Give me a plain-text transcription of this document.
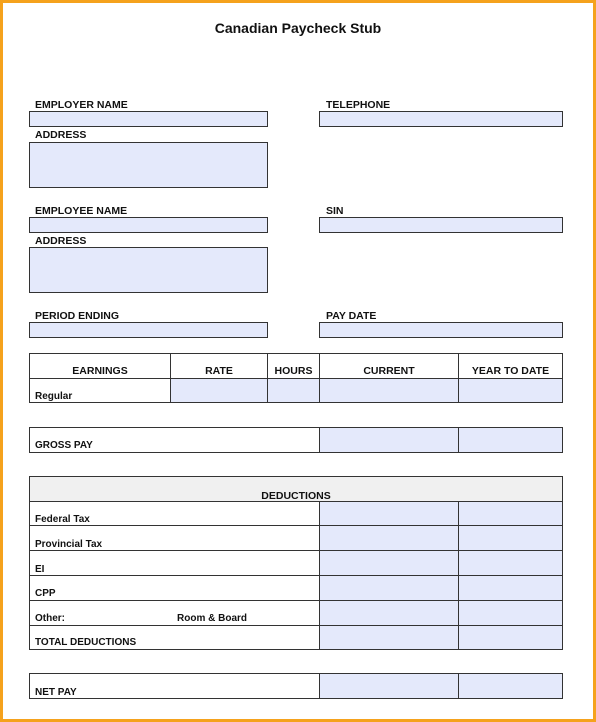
Canadian Paycheck Stub
EMPLOYER NAME	TELEPHONE
ADDRESS
EMPLOYEE NAME	SIN
ADDRESS
PERIOD ENDING	PAY DATE
EARNINGS	RATE	HOURS	CURRENT	YEAR TO DATE
Regular
GROSS PAY
DEDUCTIONS
Federal Tax
Provincial Tax
EI
CPP
Other:	Room & Board
TOTAL DEDUCTIONS
NET PAY
